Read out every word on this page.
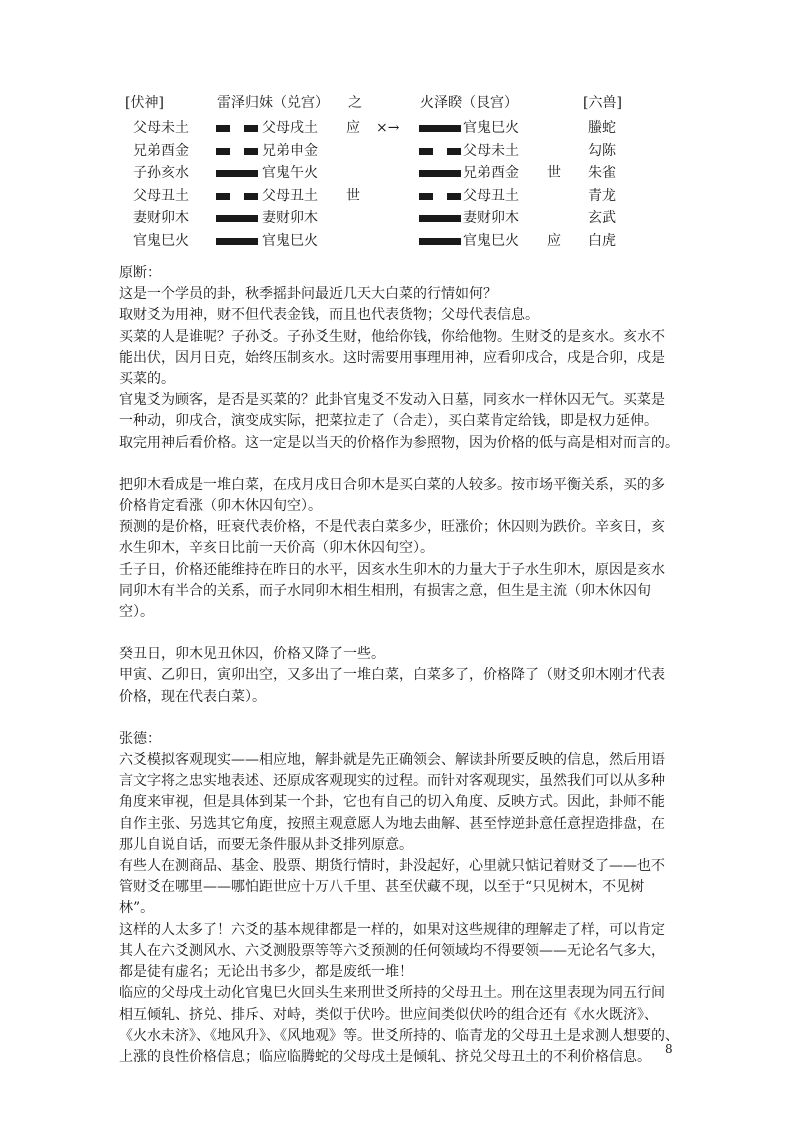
[伏神]	雷泽归妹（兑宫） 之	火泽睽（艮宫）	[六兽]
父母未土	父母戌土 应 ×→	官鬼巳火	螣蛇
兄弟酉金	兄弟申金	父母未土	勾陈
子孙亥水	官鬼午火	兄弟酉金 世 朱雀
父母丑土	父母丑土 世	父母丑土	青龙
妻财卯木	妻财卯木	妻财卯木	玄武
官鬼巳火	官鬼巳火	官鬼巳火 应 白虎

原断：

这是一个学员的卦，秋季摇卦问最近几天大白菜的行情如何？

取财爻为用神，财不但代表金钱，而且也代表货物；父母代表信息。

买菜的人是谁呢？子孙爻。子孙爻生财，他给你钱，你给他物。生财爻的是亥水。亥水不
能出伏，因月日克，始终压制亥水。这时需要用事理用神，应看卯戌合，戌是合卯，戌是
买菜的。

官鬼爻为顾客，是否是买菜的？此卦官鬼爻不发动入日墓，同亥水一样休囚无气。买菜是
一种动，卯戌合，演变成实际，把菜拉走了（合走），买白菜肯定给钱，即是权力延伸。

取完用神后看价格。这一定是以当天的价格作为参照物，因为价格的低与高是相对而言的。

把卯木看成是一堆白菜，在戌月戌日合卯木是买白菜的人较多。按市场平衡关系，买的多
价格肯定看涨（卯木休囚旬空）。

预测的是价格，旺衰代表价格，不是代表白菜多少，旺涨价；休囚则为跌价。辛亥日，亥
水生卯木，辛亥日比前一天价高（卯木休囚旬空）。

壬子日，价格还能维持在昨日的水平，因亥水生卯木的力量大于子水生卯木，原因是亥水
同卯木有半合的关系，而子水同卯木相生相刑，有损害之意，但生是主流（卯木休囚旬空）。

癸丑日，卯木见丑休囚，价格又降了一些。

甲寅、乙卯日，寅卯出空，又多出了一堆白菜，白菜多了，价格降了（财爻卯木刚才代表
价格，现在代表白菜）。

张德：

六爻模拟客观现实——相应地，解卦就是先正确领会、解读卦所要反映的信息，然后用语
言文字将之忠实地表述、还原成客观现实的过程。而针对客观现实，虽然我们可以从多种
角度来审视，但是具体到某一个卦，它也有自己的切入角度、反映方式。因此，卦师不能
自作主张、另选其它角度，按照主观意愿人为地去曲解、甚至悖逆卦意任意捏造排盘，在
那儿自说自话，而要无条件服从卦爻排列原意。

有些人在测商品、基金、股票、期货行情时，卦没起好，心里就只惦记着财爻了——也不
管财爻在哪里——哪怕距世应十万八千里、甚至伏藏不现，以至于“只见树木，不见树林”。
这样的人太多了！六爻的基本规律都是一样的，如果对这些规律的理解走了样，可以肯定
其人在六爻测风水、六爻测股票等等六爻预测的任何领域均不得要领——无论名气多大，
都是徒有虚名；无论出书多少，都是废纸一堆！

临应的父母戌土动化官鬼巳火回头生来刑世爻所持的父母丑土。刑在这里表现为同五行间
相互倾轧、挤兑、排斥、对峙，类似于伏吟。世应间类似伏吟的组合还有《水火既济》、
《火水未济》、《地风升》、《风地观》等。世爻所持的、临青龙的父母丑土是求测人想要的、
上涨的良性价格信息；临应临腾蛇的父母戌土是倾轧、挤兑父母丑土的不利价格信息。	8
